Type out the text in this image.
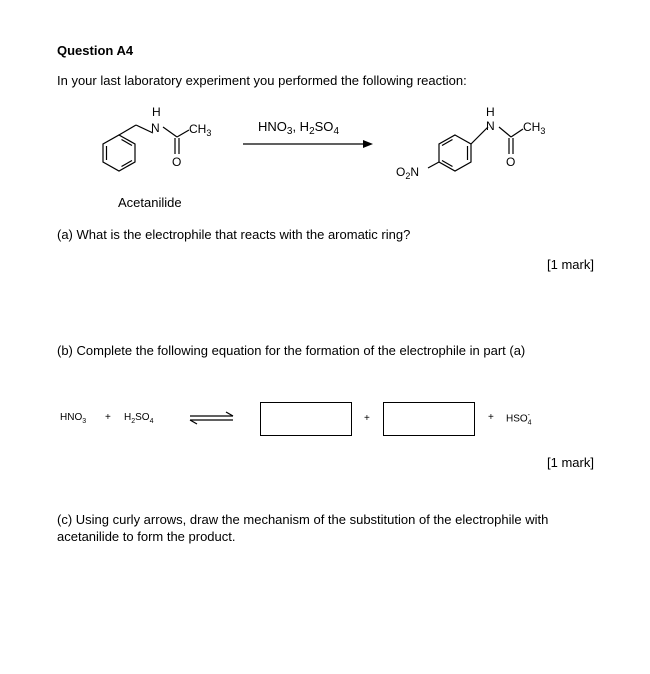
Question A4
In your last laboratory experiment you performed the following reaction:
H
N $CH_3$
O
$HNO_3$, $H_2SO_4$
H
N $CH_3$
O
$O_2N$
Acetanilide
(a) What is the electrophile that reacts with the aromatic ring?
[1 mark]
(b) Complete the following equation for the formation of the electrophile in part (a)
$HNO_3 + H_2SO_4$	+	+ $HSO_4^-$
[1 mark]
(c) Using curly arrows, draw the mechanism of the substitution of the electrophile with
acetanilide to form the product.
